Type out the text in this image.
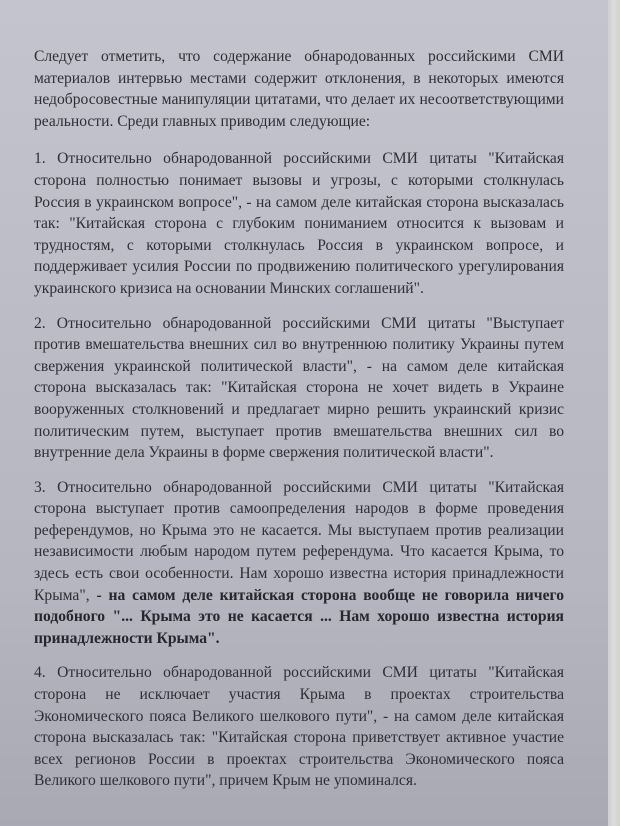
Следует отметить, что содержание обнародованных российскими СМИ материалов интервью местами содержит отклонения, в некоторых имеются недобросовестные манипуляции цитатами, что делает их несоответствующими реальности. Среди главных приводим следующие:

1. Относительно обнародованной российскими СМИ цитаты "Китайская сторона полностью понимает вызовы и угрозы, с которыми столкнулась Россия в украинском вопросе", - на самом деле китайская сторона высказалась так: "Китайская сторона с глубоким пониманием относится к вызовам и трудностям, с которыми столкнулась Россия в украинском вопросе, и поддерживает усилия России по продвижению политического урегулирования украинского кризиса на основании Минских соглашений".

2. Относительно обнародованной российскими СМИ цитаты "Выступает против вмешательства внешних сил во внутреннюю политику Украины путем свержения украинской политической власти", - на самом деле китайская сторона высказалась так: "Китайская сторона не хочет видеть в Украине вооруженных столкновений и предлагает мирно решить украинский кризис политическим путем, выступает против вмешательства внешних сил во внутренние дела Украины в форме свержения политической власти".

3. Относительно обнародованной российскими СМИ цитаты "Китайская сторона выступает против самоопределения народов в форме проведения референдумов, но Крыма это не касается. Мы выступаем против реализации независимости любым народом путем референдума. Что касается Крыма, то здесь есть свои особенности. Нам хорошо известна история принадлежности Крыма", - на самом деле китайская сторона вообще не говорила ничего подобного "... Крыма это не касается ... Нам хорошо известна история принадлежности Крыма".

4. Относительно обнародованной российскими СМИ цитаты "Китайская сторона не исключает участия Крыма в проектах строительства Экономического пояса Великого шелкового пути", - на самом деле китайская сторона высказалась так: "Китайская сторона приветствует активное участие всех регионов России в проектах строительства Экономического пояса Великого шелкового пути", причем Крым не упоминался.
